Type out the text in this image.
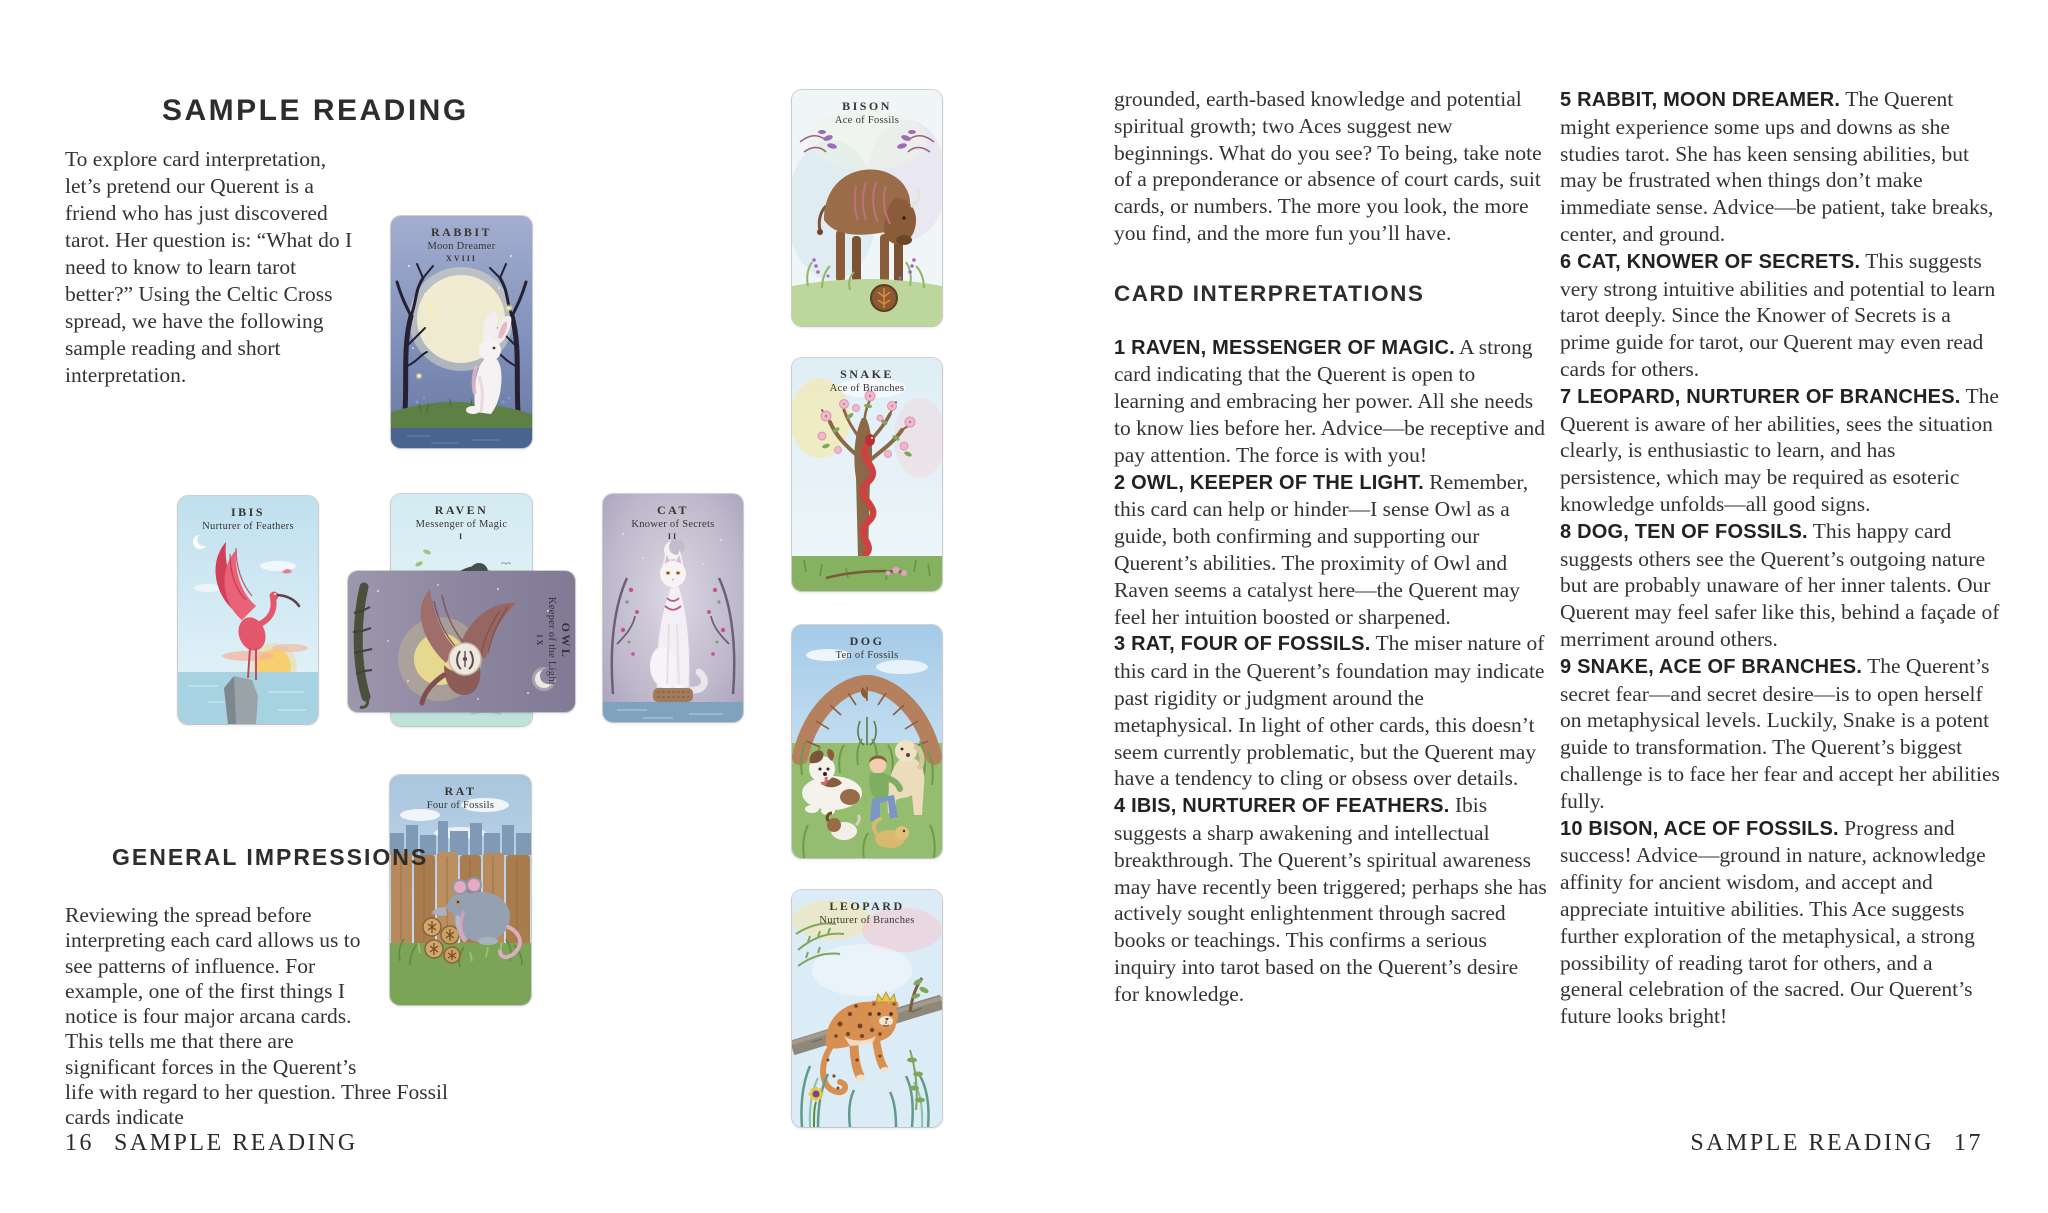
SAMPLE READING
To explore card interpretation, let’s pretend our Querent is a friend who has just discovered tarot. Her question is: “What do I need to know to learn tarot better?” Using the Celtic Cross spread, we have the following sample reading and short interpretation.
RABBIT
Moon Dreamer
XVIII
IBIS
Nurturer of Feathers
RAVEN
Messenger of Magic
I
OWL
Keeper of the Light
IX
CAT
Knower of Secrets
II
RAT
Four of Fossils
BISON
Ace of Fossils
SNAKE
Ace of Branches
DOG
Ten of Fossils
LEOPARD
Nurturer of Branches
GENERAL IMPRESSIONS
Reviewing the spread before interpreting each card allows us to see patterns of influence. For example, one of the first things I notice is four major arcana cards. This tells me that there are significant forces in the Querent’s life with regard to her question. Three Fossil cards indicate
16 SAMPLE READING

grounded, earth-based knowledge and potential spiritual growth; two Aces suggest new beginnings. What do you see? To being, take note of a preponderance or absence of court cards, suit cards, or numbers. The more you look, the more you find, and the more fun you’ll have.

CARD INTERPRETATIONS

1 RAVEN, MESSENGER OF MAGIC. A strong card indicating that the Querent is open to learning and embracing her power. All she needs to know lies before her. Advice—be receptive and pay attention. The force is with you!

2 OWL, KEEPER OF THE LIGHT. Remember, this card can help or hinder—I sense Owl as a guide, both confirming and supporting our Querent’s abilities. The proximity of Owl and Raven seems a catalyst here—the Querent may feel her intuition boosted or sharpened.

3 RAT, FOUR OF FOSSILS. The miser nature of this card in the Querent’s foundation may indicate past rigidity or judgment around the metaphysical. In light of other cards, this doesn’t seem currently problematic, but the Querent may have a tendency to cling or obsess over details.

4 IBIS, NURTURER OF FEATHERS. Ibis suggests a sharp awakening and intellectual breakthrough. The Querent’s spiritual awareness may have recently been triggered; perhaps she has actively sought enlightenment through sacred books or teachings. This confirms a serious inquiry into tarot based on the Querent’s desire for knowledge.

5 RABBIT, MOON DREAMER. The Querent might experience some ups and downs as she studies tarot. She has keen sensing abilities, but may be frustrated when things don’t make immediate sense. Advice—be patient, take breaks, center, and ground.

6 CAT, KNOWER OF SECRETS. This suggests very strong intuitive abilities and potential to learn tarot deeply. Since the Knower of Secrets is a prime guide for tarot, our Querent may even read cards for others.

7 LEOPARD, NURTURER OF BRANCHES. The Querent is aware of her abilities, sees the situation clearly, is enthusiastic to learn, and has persistence, which may be required as esoteric knowledge unfolds—all good signs.

8 DOG, TEN OF FOSSILS. This happy card suggests others see the Querent’s outgoing nature but are probably unaware of her inner talents. Our Querent may feel safer like this, behind a façade of merriment around others.

9 SNAKE, ACE OF BRANCHES. The Querent’s secret fear—and secret desire—is to open herself on metaphysical levels. Luckily, Snake is a potent guide to transformation. The Querent’s biggest challenge is to face her fear and accept her abilities fully.

10 BISON, ACE OF FOSSILS. Progress and success! Advice—ground in nature, acknowledge affinity for ancient wisdom, and accept and appreciate intuitive abilities. This Ace suggests further exploration of the metaphysical, a strong possibility of reading tarot for others, and a general celebration of the sacred. Our Querent’s future looks bright!

SAMPLE READING 17
